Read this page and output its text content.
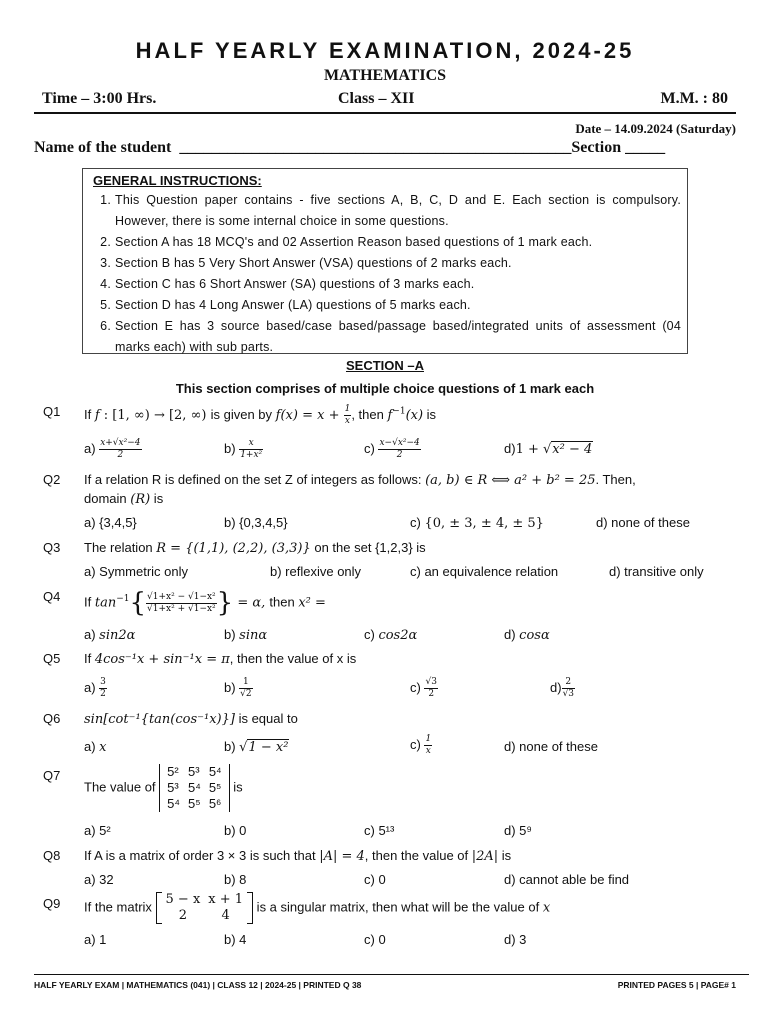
HALF YEARLY EXAMINATION, 2024-25
MATHEMATICS
Time – 3:00 Hrs.	Class – XII	M.M. : 80
Date – 14.09.2024 (Saturday)
Name of the student  _________________________________________________Section _____
GENERAL INSTRUCTIONS:
1. This Question paper contains - five sections A, B, C, D and E. Each section is compulsory. However, there is some internal choice in some questions.
2. Section A has 18 MCQ's and 02 Assertion Reason based questions of 1 mark each.
3. Section B has 5 Very Short Answer (VSA) questions of 2 marks each.
4. Section C has 6 Short Answer (SA) questions of 3 marks each.
5. Section D has 4 Long Answer (LA) questions of 5 marks each.
6. Section E has 3 source based/case based/passage based/integrated units of assessment (04 marks each) with sub parts.
SECTION –A
This section comprises of multiple choice questions of 1 mark each
Q1 If f : [1, ∞) → [2, ∞) is given by $f(x) = x + \frac{1}{x}$ , then $f^{-1}(x)$ is
$a) \frac{\text{x+√x²−4}}{2}$	$b) \frac{x}{\text{1+x²}}$	$c) \frac{\text{x−√x²−4}}{2}$	d)1 + √x² − 4
Q2 If a relation R is defined on the set Z of integers as follows: (a, b) ∈ R ⟺ a² + b² = 25. Then,
domain (R) is
a) {3,4,5}	b) {0,3,4,5}	c) {0, ± 3, ± 4, ± 5}	d) none of these
Q3 The relation R = {(1,1), (2,2), (3,3)} on the set {1,2,3} is
a) Symmetric only	b) reflexive only	c) an equivalence relation	d) transitive only
Q4 If $\tan^{-1}\{ \frac{\text{√1+x² − √1−x²}}{\text{√1+x² + √1−x²}}$ } = α, then x² =
a) sin2α	b) sinα	c) cos2α	d) cosα
Q5 If 4cos⁻¹x + sin⁻¹x = π, then the value of x is
$a) \frac{3}{2}$	$b) \frac{1}{√2}$	$c) \frac{√3}{2}$	$d) \frac{2}{√3}$
Q6 sin[cot⁻¹{tan(cos⁻¹x)}] is equal to
a) x	b) √1 − x²	$c) \frac{1}{x}$	d) none of these
Q7
The value of
5²	5³	5⁴
5³	5⁴	5⁵
5⁴	5⁵	5⁶
is
a) 5²	b) 0	c) 5¹³	d) 5⁹
Q8 If A is a matrix of order 3 × 3 is such that |A| = 4, then the value of |2A| is
a) 32	b) 8	c) 0	d) cannot able be find
Q9 If the matrix 5 − x	x + 1
2	4
is a singular matrix, then what will be the value of x
a) 1	b) 4	c) 0	d) 3
HALF YEARLY EXAM | MATHEMATICS (041) | CLASS 12 | 2024-25 | PRINTED Q 38	PRINTED PAGES 5 | PAGE# 1
